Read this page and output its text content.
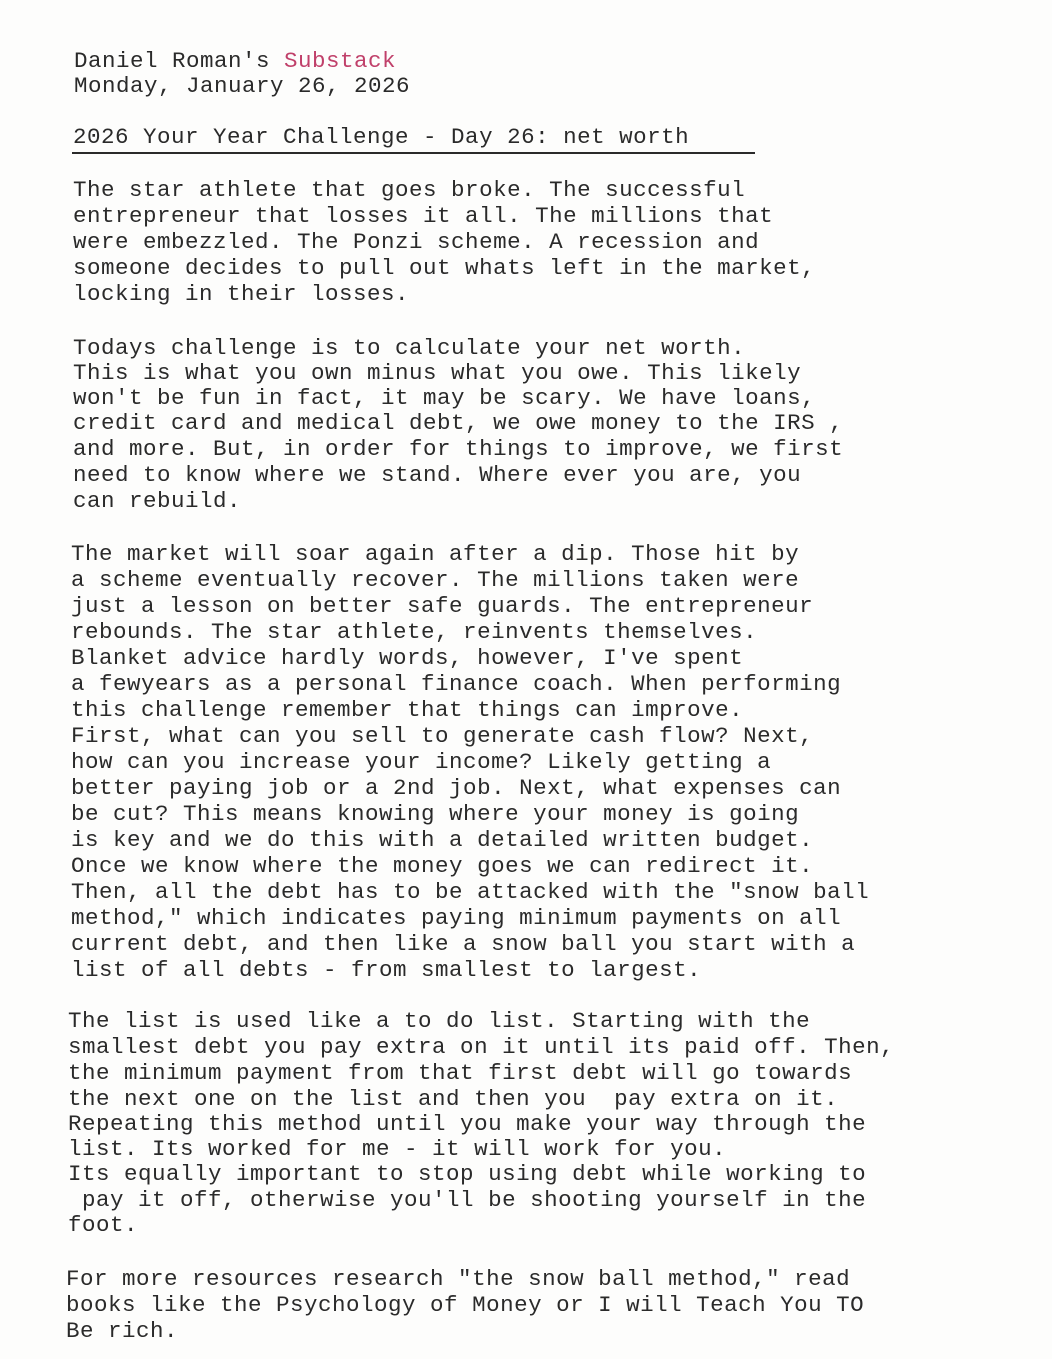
Daniel Roman's Substack
Monday, January 26, 2026
2026 Your Year Challenge - Day 26: net worth
The star athlete that goes broke. The successful
entrepreneur that losses it all. The millions that
were embezzled. The Ponzi scheme. A recession and
someone decides to pull out whats left in the market,
locking in their losses.
Todays challenge is to calculate your net worth.
This is what you own minus what you owe. This likely
won't be fun in fact, it may be scary. We have loans,
credit card and medical debt, we owe money to the IRS ,
and more. But, in order for things to improve, we first
need to know where we stand. Where ever you are, you
can rebuild.
The market will soar again after a dip. Those hit by
a scheme eventually recover. The millions taken were
just a lesson on better safe guards. The entrepreneur
rebounds. The star athlete, reinvents themselves.
Blanket advice hardly words, however, I've spent
a fewyears as a personal finance coach. When performing
this challenge remember that things can improve.
First, what can you sell to generate cash flow? Next,
how can you increase your income? Likely getting a
better paying job or a 2nd job. Next, what expenses can
be cut? This means knowing where your money is going
is key and we do this with a detailed written budget.
Once we know where the money goes we can redirect it.
Then, all the debt has to be attacked with the "snow ball
method," which indicates paying minimum payments on all
current debt, and then like a snow ball you start with a
list of all debts - from smallest to largest.
The list is used like a to do list. Starting with the
smallest debt you pay extra on it until its paid off. Then,
the minimum payment from that first debt will go towards
the next one on the list and then you  pay extra on it.
Repeating this method until you make your way through the
list. Its worked for me - it will work for you.
Its equally important to stop using debt while working to
pay it off, otherwise you'll be shooting yourself in the
foot.
For more resources research "the snow ball method," read
books like the Psychology of Money or I will Teach You TO
Be rich.
